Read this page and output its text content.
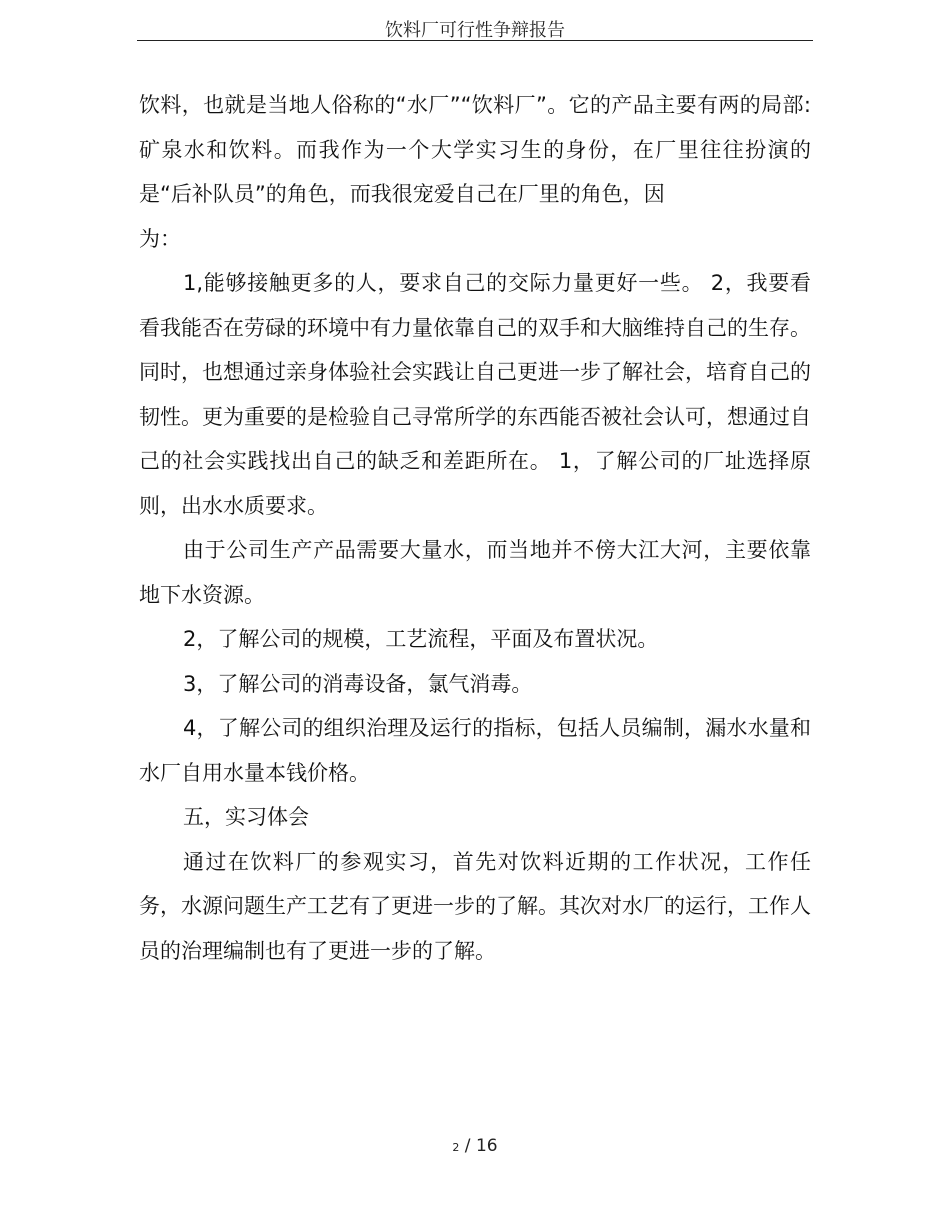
饮料厂可行性争辩报告

饮料，也就是当地人俗称的“水厂”“饮料厂”。它的产品主要有两的局部:矿泉水和饮料。而我作为一个大学实习生的身份，在厂里往往扮演的是“后补队员”的角色，而我很宠爱自己在厂里的角色，因

为：

1,能够接触更多的人，要求自己的交际力量更好一些。 2，我要看看我能否在劳碌的环境中有力量依靠自己的双手和大脑维持自己的生存。同时，也想通过亲身体验社会实践让自己更进一步了解社会，培育自己的韧性。更为重要的是检验自己寻常所学的东西能否被社会认可，想通过自己的社会实践找出自己的缺乏和差距所在。 1，了解公司的厂址选择原则，出水水质要求。

由于公司生产产品需要大量水，而当地并不傍大江大河，主要依靠地下水资源。

2，了解公司的规模，工艺流程，平面及布置状况。

3，了解公司的消毒设备，氯气消毒。

4，了解公司的组织治理及运行的指标，包括人员编制，漏水水量和水厂自用水量本钱价格。

五，实习体会

通过在饮料厂的参观实习，首先对饮料近期的工作状况，工作任务，水源问题生产工艺有了更进一步的了解。其次对水厂的运行，工作人员的治理编制也有了更进一步的了解。

2 / 16
